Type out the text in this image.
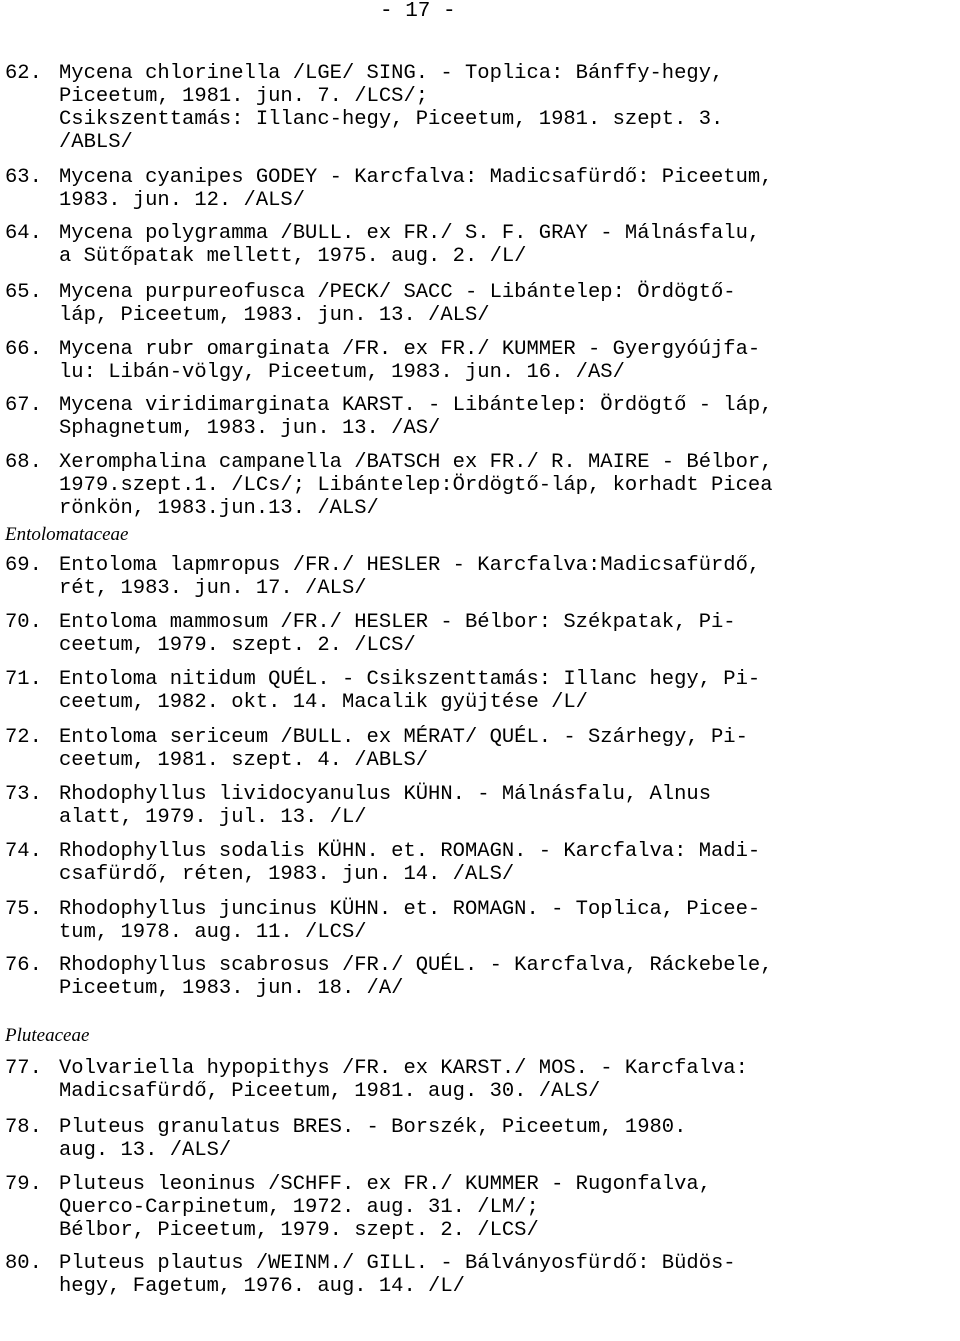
- 17 -
62. Mycena chlorinella /LGE/ SING. - Toplica: Bánffy-hegy,
Piceetum, 1981. jun. 7. /LCS/;
Csikszenttamás: Illanc-hegy, Piceetum, 1981. szept. 3.
/ABLS/
63. Mycena cyanipes GODEY - Karcfalva: Madicsafürdő: Piceetum,
1983. jun. 12. /ALS/
64. Mycena polygramma /BULL. ex FR./ S. F. GRAY - Málnásfalu,
a Sütőpatak mellett, 1975. aug. 2. /L/
65. Mycena purpureofusca /PECK/ SACC - Libántelep: Ördögtő-
láp, Piceetum, 1983. jun. 13. /ALS/
66. Mycena rubr omarginata /FR. ex FR./ KUMMER - Gyergyóújfa-
lu: Libán-völgy, Piceetum, 1983. jun. 16. /AS/
67. Mycena viridimarginata KARST. - Libántelep: Ördögtő - láp,
Sphagnetum, 1983. jun. 13. /AS/
68. Xeromphalina campanella /BATSCH ex FR./ R. MAIRE - Bélbor,
1979.szept.1. /LCs/; Libántelep:Ördögtő-láp, korhadt Picea
rönkön, 1983.jun.13. /ALS/
69. Entoloma lapmropus /FR./ HESLER - Karcfalva:Madicsafürdő,
rét, 1983. jun. 17. /ALS/
70. Entoloma mammosum /FR./ HESLER - Bélbor: Székpatak, Pi-
ceetum, 1979. szept. 2. /LCS/
71. Entoloma nitidum QUÉL. - Csikszenttamás: Illanc hegy, Pi-
ceetum, 1982. okt. 14. Macalik gyüjtése /L/
72. Entoloma sericeum /BULL. ex MÉRAT/ QUÉL. - Szárhegy, Pi-
ceetum, 1981. szept. 4. /ABLS/
73. Rhodophyllus lividocyanulus KÜHN. - Málnásfalu, Alnus
alatt, 1979. jul. 13. /L/
74. Rhodophyllus sodalis KÜHN. et. ROMAGN. - Karcfalva: Madi-
csafürdő, réten, 1983. jun. 14. /ALS/
75. Rhodophyllus juncinus KÜHN. et. ROMAGN. - Toplica, Picee-
tum, 1978. aug. 11. /LCS/
76. Rhodophyllus scabrosus /FR./ QUÉL. - Karcfalva, Ráckebele,
Piceetum, 1983. jun. 18. /A/
77. Volvariella hypopithys /FR. ex KARST./ MOS. - Karcfalva:
Madicsafürdő, Piceetum, 1981. aug. 30. /ALS/
78. Pluteus granulatus BRES. - Borszék, Piceetum, 1980.
aug. 13. /ALS/
79. Pluteus leoninus /SCHFF. ex FR./ KUMMER - Rugonfalva,
Querco-Carpinetum, 1972. aug. 31. /LM/;
Bélbor, Piceetum, 1979. szept. 2. /LCS/
80. Pluteus plautus /WEINM./ GILL. - Bálványosfürdő: Büdös-
hegy, Fagetum, 1976. aug. 14. /L/
Entolomataceae
Pluteaceae
